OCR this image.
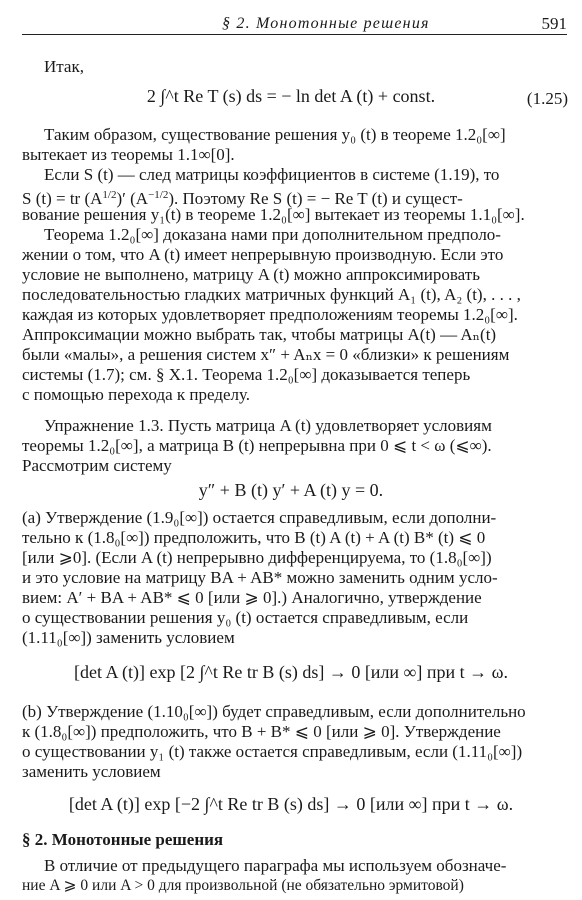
§ 2. Монотонные решения	591
Итак,
2 ∫^t Re T (s) ds = − ln det A (t) + const.	(1.25)
Таким образом, существование решения y₀ (t) в теореме 1.2₀[∞]
вытекает из теоремы 1.1∞[0].
Если S (t) — след матрицы коэффициентов в системе (1.19), то
S (t) = tr $(A^{1/2})'$ $(A^{-1/2})$. Поэтому Re S (t) = − Re T (t) и сущест-
вование решения y₁(t) в теореме 1.2₀[∞] вытекает из теоремы 1.1₀[∞].
Теорема 1.2₀[∞] доказана нами при дополнительном предполо-
жении о том, что A (t) имеет непрерывную производную. Если это
условие не выполнено, матрицу A (t) можно аппроксимировать
последовательностью гладких матричных функций A₁ (t), A₂ (t), . . . ,
каждая из которых удовлетворяет предположениям теоремы 1.2₀[∞].
Аппроксимации можно выбрать так, чтобы матрицы A(t) — Aₙ(t)
были «малы», а решения систем x″ + Aₙx = 0 «близки» к решениям
системы (1.7); см. § X.1. Теорема 1.2₀[∞] доказывается теперь
с помощью перехода к пределу.
Упражнение 1.3. Пусть матрица A (t) удовлетворяет условиям
теоремы 1.2₀[∞], а матрица B (t) непрерывна при 0 ⩽ t < ω (⩽∞).
Рассмотрим систему
y″ + B (t) y′ + A (t) y = 0.
(a) Утверждение (1.9₀[∞]) остается справедливым, если дополни-
тельно к (1.8₀[∞]) предположить, что B (t) A (t) + A (t) B* (t) ⩽ 0
[или ⩾0]. (Если A (t) непрерывно дифференцируема, то (1.8₀[∞])
и это условие на матрицу BA + AB* можно заменить одним усло-
вием: A′ + BA + AB* ⩽ 0 [или ⩾ 0].) Аналогично, утверждение
о существовании решения y₀ (t) остается справедливым, если
(1.11₀[∞]) заменить условием
[det A (t)] exp [2 ∫^t Re tr B (s) ds] → 0 [или ∞] при t → ω.
(b) Утверждение (1.10₀[∞]) будет справедливым, если дополнительно
к (1.8₀[∞]) предположить, что B + B* ⩽ 0 [или ⩾ 0]. Утверждение
о существовании y₁ (t) также остается справедливым, если (1.11₀[∞])
заменить условием
[det A (t)] exp [−2 ∫^t Re tr B (s) ds] → 0 [или ∞] при t → ω.
§ 2. Монотонные решения
В отличие от предыдущего параграфа мы используем обозначе-
ние A ⩾ 0 или A > 0 для произвольной (не обязательно эрмитовой)
